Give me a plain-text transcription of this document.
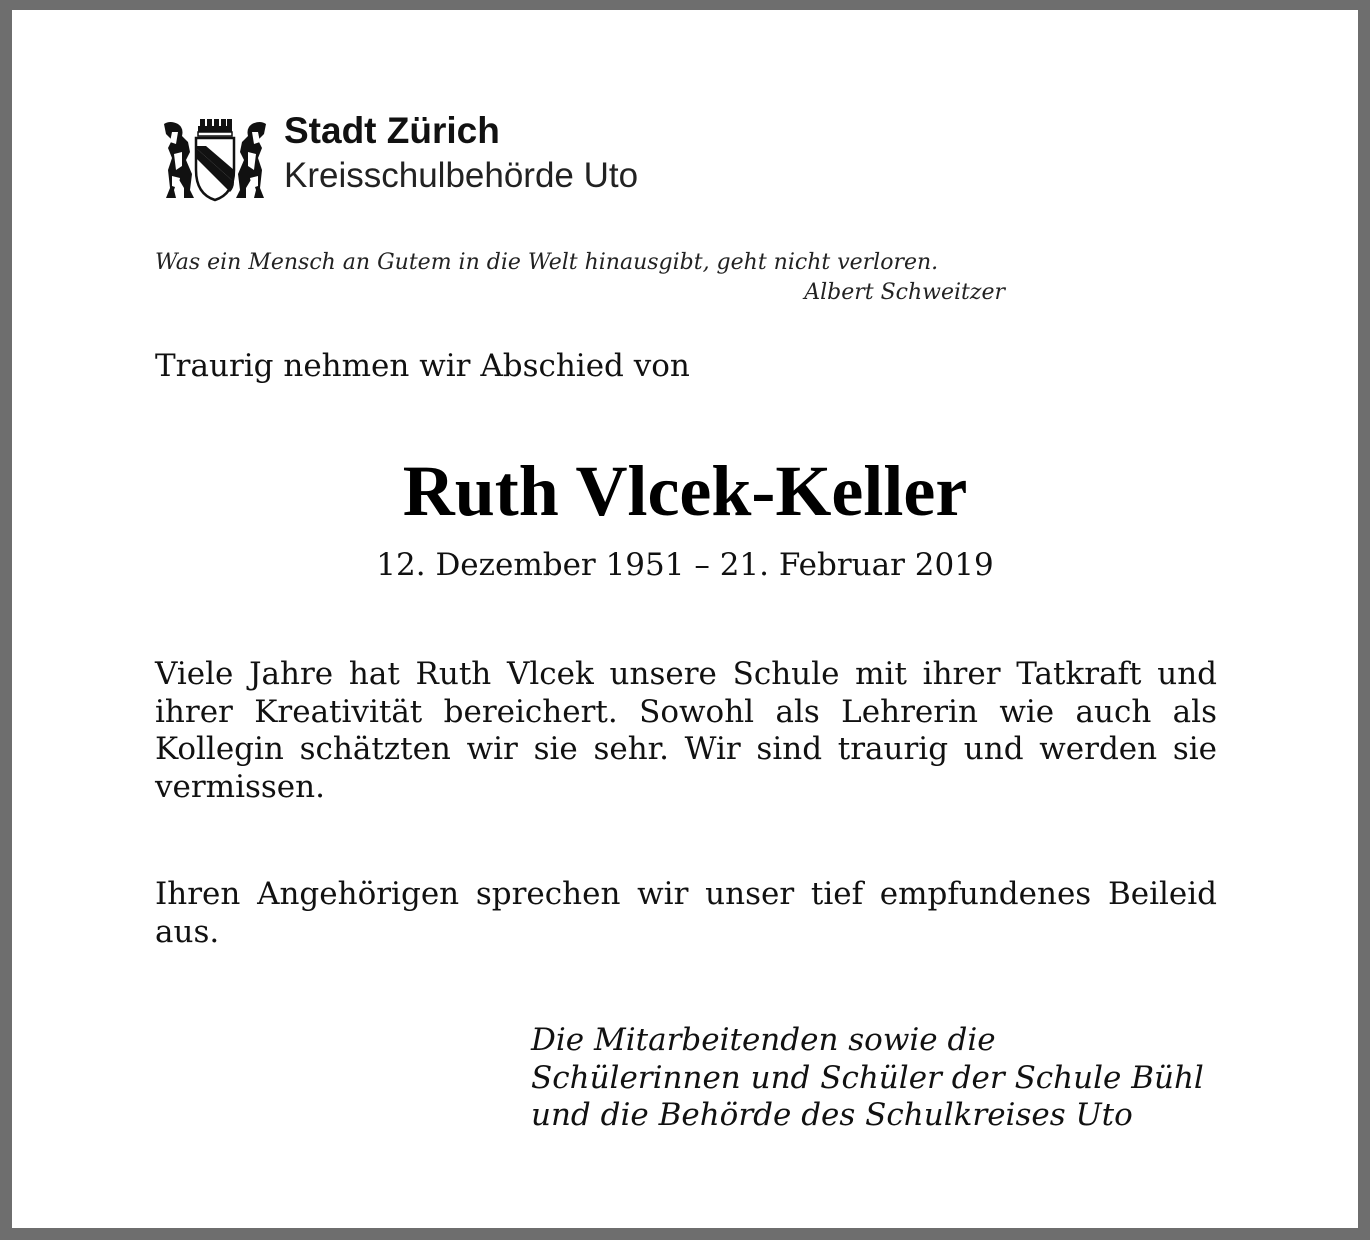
Stadt Zürich
Kreisschulbehörde Uto
Was ein Mensch an Gutem in die Welt hinausgibt, geht nicht verloren.
Albert Schweitzer
Traurig nehmen wir Abschied von
Ruth Vlcek-Keller
12. Dezember 1951 – 21. Februar 2019
Viele Jahre hat Ruth Vlcek unsere Schule mit ihrer Tatkraft und ihrer Kreativität bereichert. Sowohl als Lehrerin wie auch als Kollegin schätzten wir sie sehr. Wir sind traurig und werden sie vermissen.
Ihren Angehörigen sprechen wir unser tief empfundenes Beileid aus.
Die Mitarbeitenden sowie die
Schülerinnen und Schüler der Schule Bühl
und die Behörde des Schulkreises Uto
